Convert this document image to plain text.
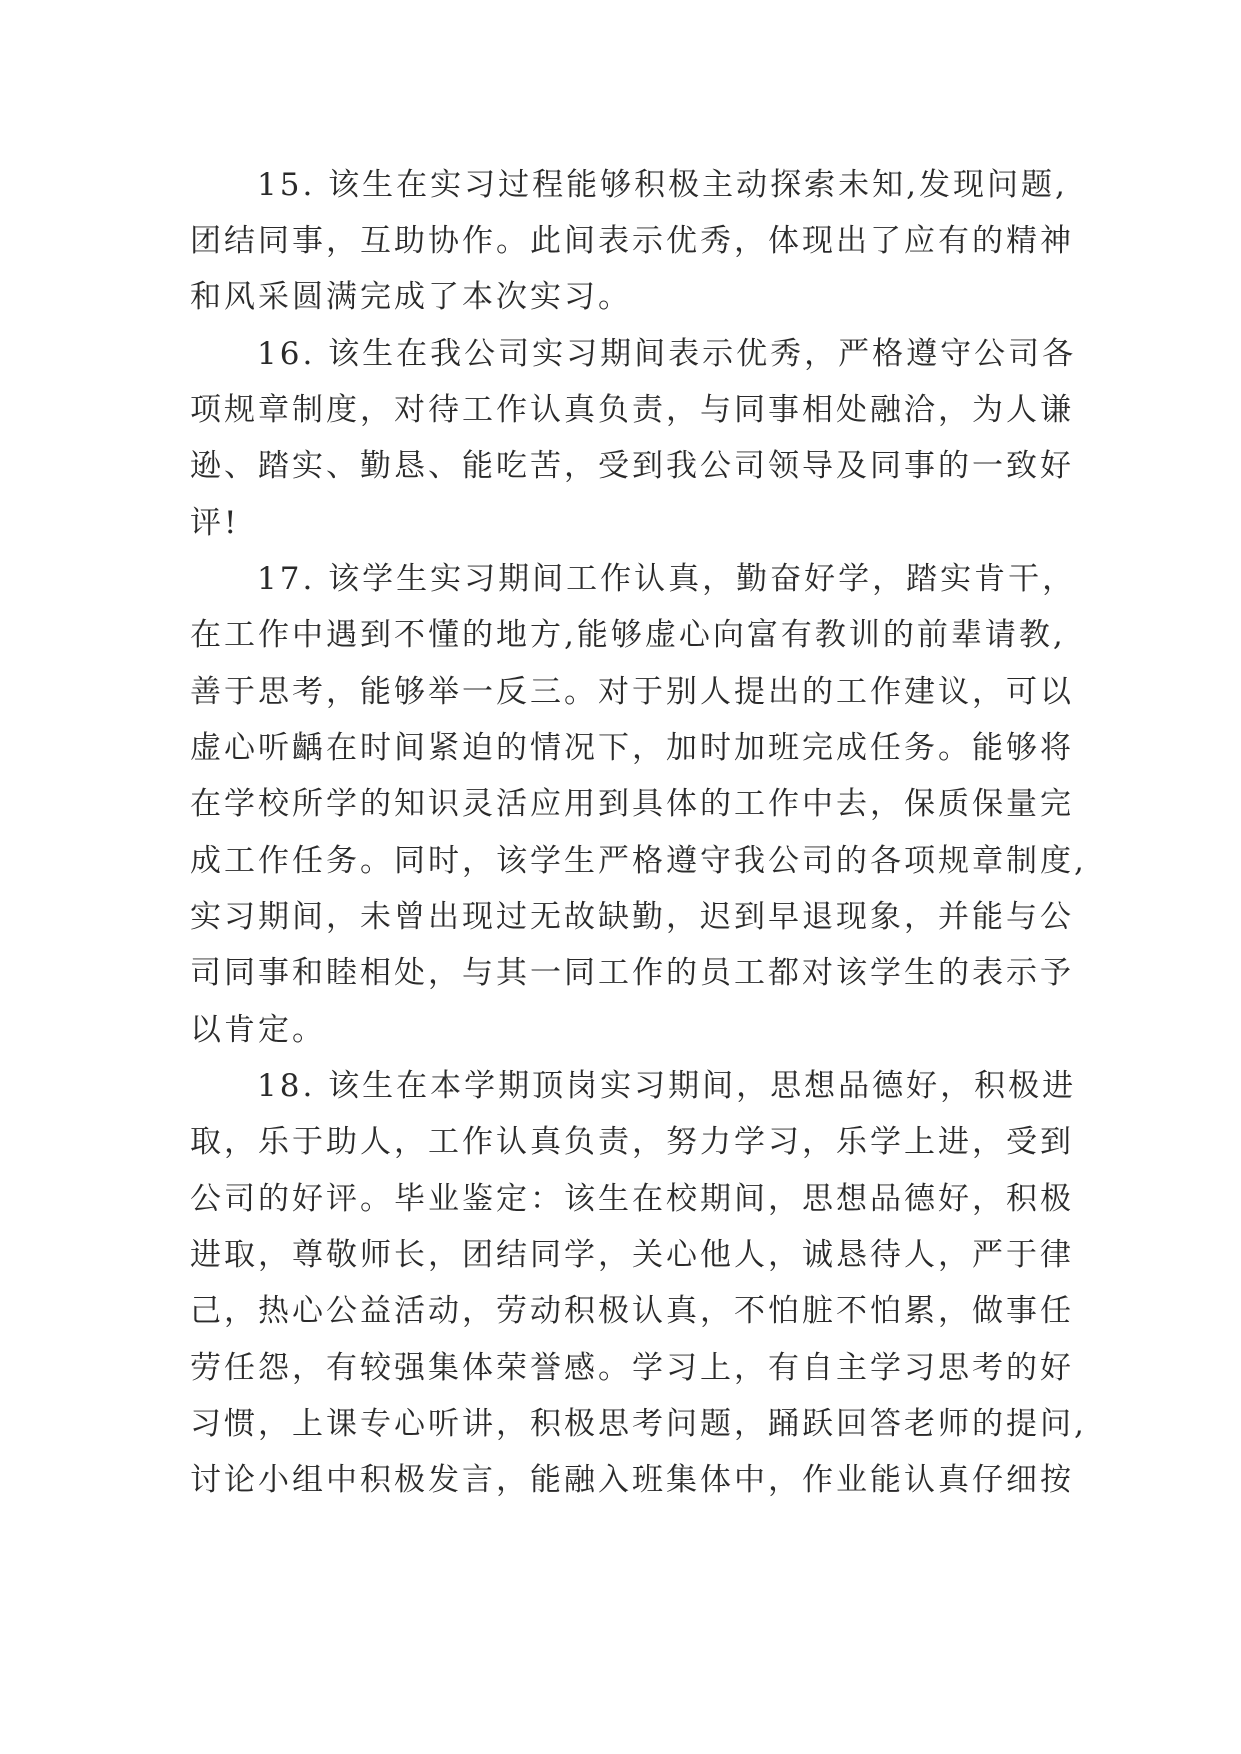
15. 该生在实习过程能够积极主动探索未知,发现问题,
团结同事，互助协作。此间表示优秀，体现出了应有的精神
和风采圆满完成了本次实习。
16. 该生在我公司实习期间表示优秀，严格遵守公司各
项规章制度，对待工作认真负责，与同事相处融洽，为人谦
逊、踏实、勤恳、能吃苦，受到我公司领导及同事的一致好
评!
17. 该学生实习期间工作认真，勤奋好学，踏实肯干，
在工作中遇到不懂的地方,能够虚心向富有教训的前辈请教,
善于思考，能够举一反三。对于别人提出的工作建议，可以
虚心听齲在时间紧迫的情况下，加时加班完成任务。能够将
在学校所学的知识灵活应用到具体的工作中去，保质保量完
成工作任务。同时，该学生严格遵守我公司的各项规章制度,
实习期间，未曾出现过无故缺勤，迟到早退现象，并能与公
司同事和睦相处，与其一同工作的员工都对该学生的表示予
以肯定。
18. 该生在本学期顶岗实习期间，思想品德好，积极进
取，乐于助人，工作认真负责，努力学习，乐学上进，受到
公司的好评。毕业鉴定：该生在校期间，思想品德好，积极
进取，尊敬师长，团结同学，关心他人，诚恳待人，严于律
己，热心公益活动，劳动积极认真，不怕脏不怕累，做事任
劳任怨，有较强集体荣誉感。学习上，有自主学习思考的好
习惯，上课专心听讲，积极思考问题，踊跃回答老师的提问,
讨论小组中积极发言，能融入班集体中，作业能认真仔细按
